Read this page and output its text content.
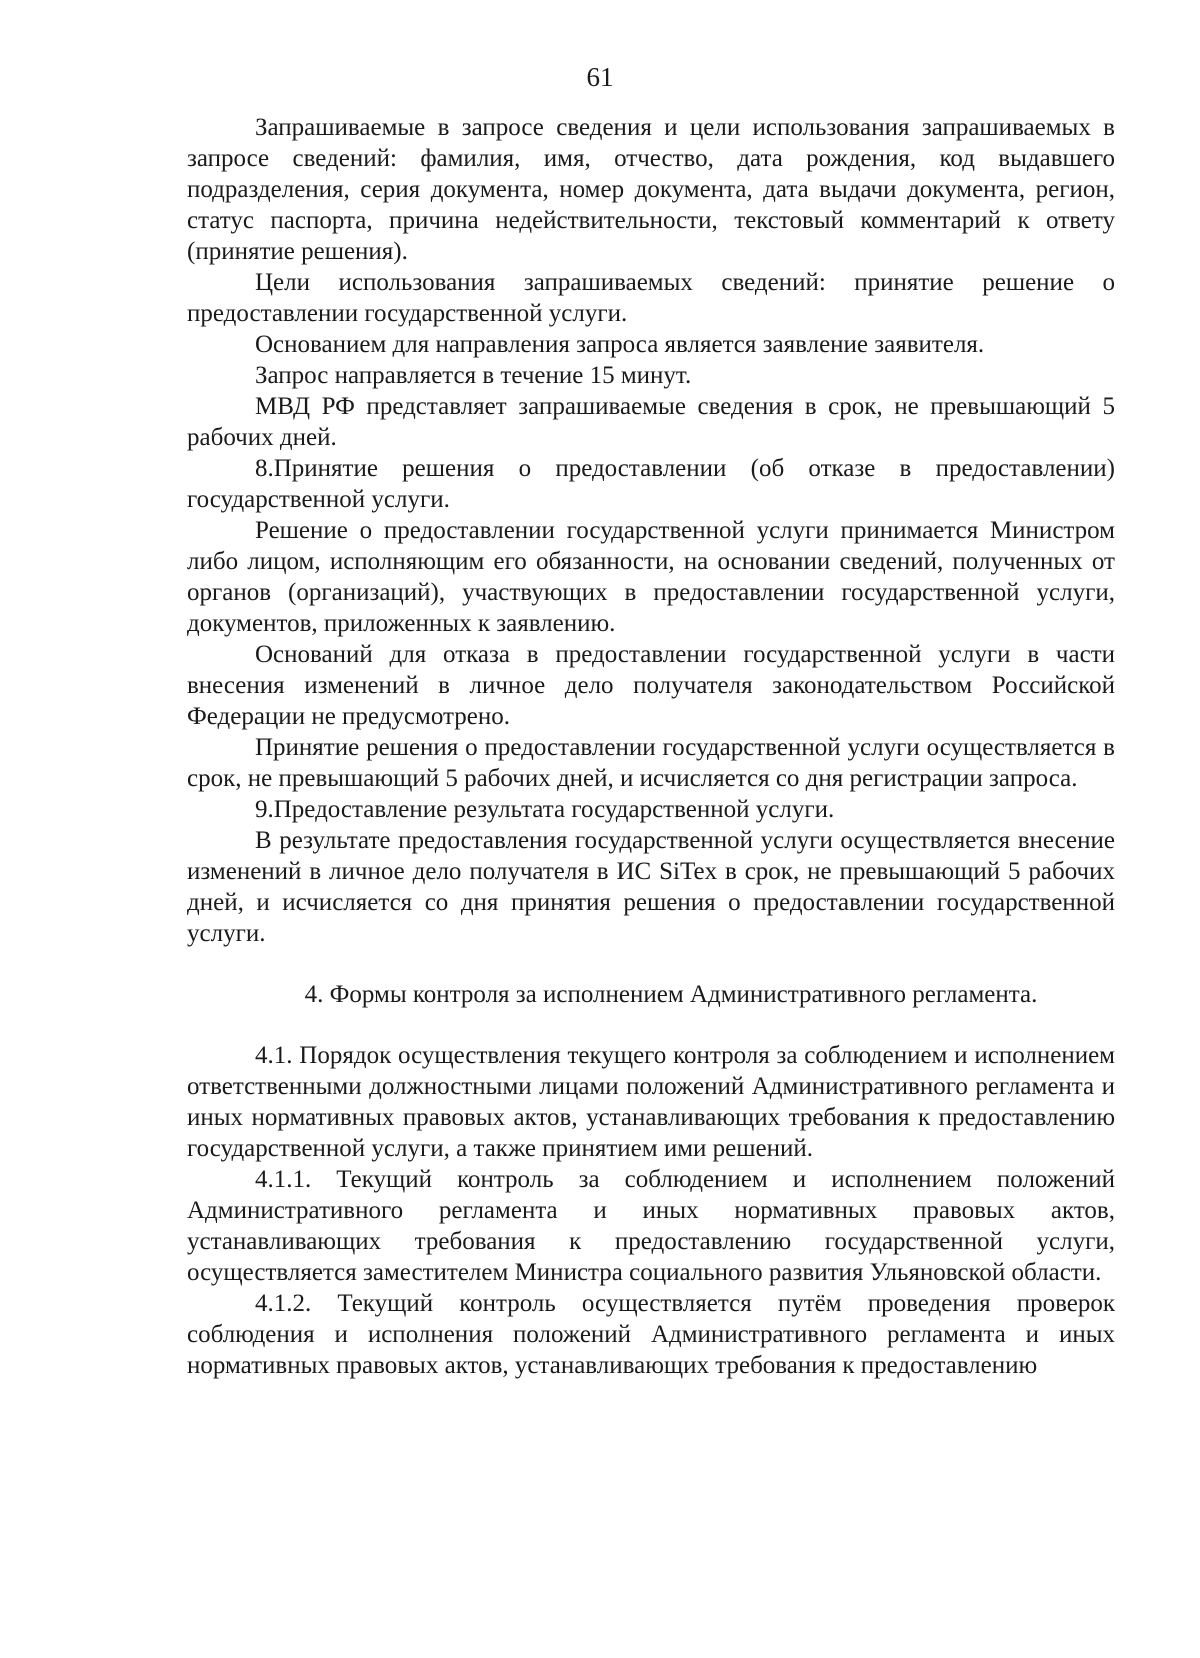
61

Запрашиваемые в запросе сведения и цели использования запрашиваемых в запросе сведений: фамилия, имя, отчество, дата рождения, код выдавшего подразделения, серия документа, номер документа, дата выдачи документа, регион, статус паспорта, причина недействительности, текстовый комментарий к ответу (принятие решения).

Цели использования запрашиваемых сведений: принятие решение о предоставлении государственной услуги.

Основанием для направления запроса является заявление заявителя.

Запрос направляется в течение 15 минут.

МВД РФ представляет запрашиваемые сведения в срок, не превышающий 5 рабочих дней.

8.Принятие решения о предоставлении (об отказе в предоставлении) государственной услуги.

Решение о предоставлении государственной услуги принимается Министром либо лицом, исполняющим его обязанности, на основании сведений, полученных от органов (организаций), участвующих в предоставлении государственной услуги, документов, приложенных к заявлению.

Оснований для отказа в предоставлении государственной услуги в части внесения изменений в личное дело получателя законодательством Российской Федерации не предусмотрено.

Принятие решения о предоставлении государственной услуги осуществляется в срок, не превышающий 5 рабочих дней, и исчисляется со дня регистрации запроса.

9.Предоставление результата государственной услуги.

В результате предоставления государственной услуги осуществляется внесение изменений в личное дело получателя в ИС SiTex в срок, не превышающий 5 рабочих дней, и исчисляется со дня принятия решения о предоставлении государственной услуги.

4. Формы контроля за исполнением Административного регламента.

4.1. Порядок осуществления текущего контроля за соблюдением и исполнением ответственными должностными лицами положений Административного регламента и иных нормативных правовых актов, устанавливающих требования к предоставлению государственной услуги, а также принятием ими решений.

4.1.1. Текущий контроль за соблюдением и исполнением положений Административного регламента и иных нормативных правовых актов, устанавливающих требования к предоставлению государственной услуги, осуществляется заместителем Министра социального развития Ульяновской области.

4.1.2. Текущий контроль осуществляется путём проведения проверок соблюдения и исполнения положений Административного регламента и иных нормативных правовых актов, устанавливающих требования к предоставлению
